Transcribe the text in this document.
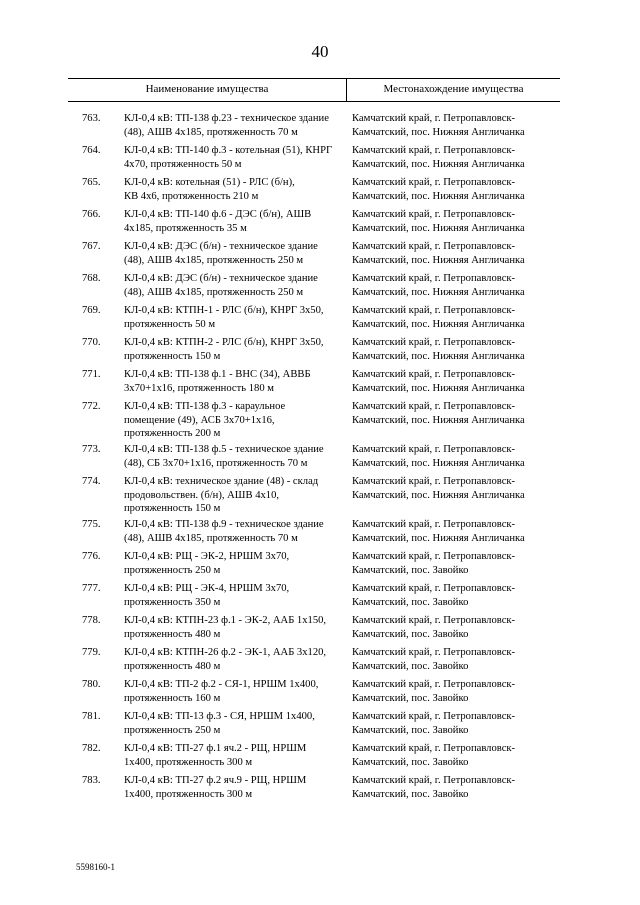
40
Наименование имущества	Местонахождение имущества
763. КЛ-0,4 кВ: ТП-138 ф.23 - техническое здание
(48), АШВ 4x185, протяженность 70 м
Камчатский край, г. Петропавловск-
Камчатский, пос. Нижняя Англичанка
764. КЛ-0,4 кВ: ТП-140 ф.3 - котельная (51), КНРГ
4x70, протяженность 50 м
Камчатский край, г. Петропавловск-
Камчатский, пос. Нижняя Англичанка
765. КЛ-0,4 кВ: котельная (51) - РЛС (б/н),
КВ 4x6, протяженность 210 м
Камчатский край, г. Петропавловск-
Камчатский, пос. Нижняя Англичанка
766. КЛ-0,4 кВ: ТП-140 ф.6 - ДЭС (б/н), АШВ
4x185, протяженность 35 м
Камчатский край, г. Петропавловск-
Камчатский, пос. Нижняя Англичанка
767. КЛ-0,4 кВ: ДЭС (б/н) - техническое здание
(48), АШВ 4x185, протяженность 250 м
Камчатский край, г. Петропавловск-
Камчатский, пос. Нижняя Англичанка
768. КЛ-0,4 кВ: ДЭС (б/н) - техническое здание
(48), АШВ 4x185, протяженность 250 м
Камчатский край, г. Петропавловск-
Камчатский, пос. Нижняя Англичанка
769. КЛ-0,4 кВ: КТПН-1 - РЛС (б/н), КНРГ 3x50,
протяженность 50 м
Камчатский край, г. Петропавловск-
Камчатский, пос. Нижняя Англичанка
770. КЛ-0,4 кВ: КТПН-2 - РЛС (б/н), КНРГ 3x50,
протяженность 150 м
Камчатский край, г. Петропавловск-
Камчатский, пос. Нижняя Англичанка
771. КЛ-0,4 кВ: ТП-138 ф.1 - ВНС (34), АВВБ
3x70+1x16, протяженность 180 м
Камчатский край, г. Петропавловск-
Камчатский, пос. Нижняя Англичанка
772. КЛ-0,4 кВ: ТП-138 ф.3 - караульное
помещение (49), АСБ 3x70+1x16,
протяженность 200 м
Камчатский край, г. Петропавловск-
Камчатский, пос. Нижняя Англичанка
773. КЛ-0,4 кВ: ТП-138 ф.5 - техническое здание
(48), СБ 3x70+1x16, протяженность 70 м
Камчатский край, г. Петропавловск-
Камчатский, пос. Нижняя Англичанка
774. КЛ-0,4 кВ: техническое здание (48) - склад
продовольствен. (б/н), АШВ 4x10,
протяженность 150 м
Камчатский край, г. Петропавловск-
Камчатский, пос. Нижняя Англичанка
775. КЛ-0,4 кВ: ТП-138 ф.9 - техническое здание
(48), АШВ 4x185, протяженность 70 м
Камчатский край, г. Петропавловск-
Камчатский, пос. Нижняя Англичанка
776. КЛ-0,4 кВ: РЩ - ЭК-2, НРШМ 3x70,
протяженность 250 м
Камчатский край, г. Петропавловск-
Камчатский, пос. Завойко
777. КЛ-0,4 кВ: РЩ - ЭК-4, НРШМ 3x70,
протяженность 350 м
Камчатский край, г. Петропавловск-
Камчатский, пос. Завойко
778. КЛ-0,4 кВ: КТПН-23 ф.1 - ЭК-2, ААБ 1x150,
протяженность 480 м
Камчатский край, г. Петропавловск-
Камчатский, пос. Завойко
779. КЛ-0,4 кВ: КТПН-26 ф.2 - ЭК-1, ААБ 3x120,
протяженность 480 м
Камчатский край, г. Петропавловск-
Камчатский, пос. Завойко
780. КЛ-0,4 кВ: ТП-2 ф.2 - СЯ-1, НРШМ 1x400,
протяженность 160 м
Камчатский край, г. Петропавловск-
Камчатский, пос. Завойко
781. КЛ-0,4 кВ: ТП-13 ф.3 - СЯ, НРШМ 1x400,
протяженность 250 м
Камчатский край, г. Петропавловск-
Камчатский, пос. Завойко
782. КЛ-0,4 кВ: ТП-27 ф.1 яч.2 - РЩ, НРШМ
1x400, протяженность 300 м
Камчатский край, г. Петропавловск-
Камчатский, пос. Завойко
783. КЛ-0,4 кВ: ТП-27 ф.2 яч.9 - РЩ, НРШМ
1x400, протяженность 300 м
Камчатский край, г. Петропавловск-
Камчатский, пос. Завойко
5598160-1
